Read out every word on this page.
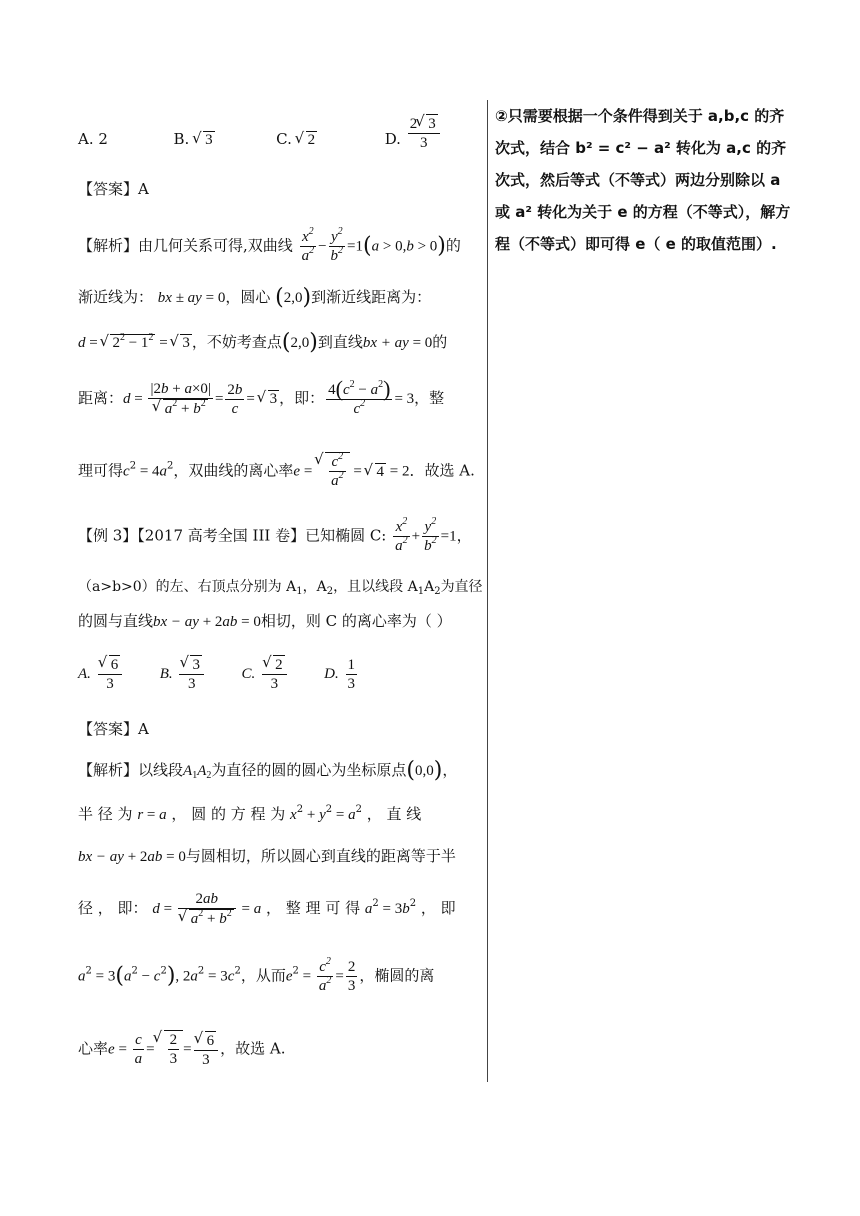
A. 2	B. √ 3	C. √ 2	D. $\frac{2 √ 3}{3}$
【答案】A
【解析】由几何关系可得,双曲线 $\frac{x^2}{a^2} - \frac{y^2}{b^2} =1(a > 0,b > 0)$的
渐近线为： bx ± ay = 0，圆心 (2,0)到渐近线距离为：
d = √ $2^2 - 1^2$ = √ 3 ，不妨考查点(2,0)到直线bx + ay = 0的
距离：d = |2b + a×0|
√ $a^2 + b^2 = \frac{2b}{c}$ = √ 3 ，即： $\frac{4(c^2 - a^2)}{c^2} = 3$，整
理可得$c^2 = 4a^2$，双曲线的离心率e = √ $\frac{c^2}{a^2}$ = √ 4 = 2．故选 A.
【例 3】【2017 高考全国 III 卷】已知椭圆 C: $\frac{x^2}{a^2} + \frac{y^2}{b^2} =1$，
（a>b>0）的左、右顶点分别为 $A_1$，$A_2$，且以线段 $A_1A_2$为直径
的圆与直线bx − ay + 2ab = 0相切，则 C 的离心率为（ ）
A. √ $\frac{6}{3}$	B. √ $\frac{3}{3}$	C. √ $\frac{2}{3}$	D. $\frac{1}{3}$
【答案】A
【解析】以线段$A_1A_2$为直径的圆的圆心为坐标原点(0,0)，
半 径 为 r = a ， 圆 的 方 程 为 $x^2 + y^2 = a^2$ ， 直 线
bx − ay + 2ab = 0与圆相切，所以圆心到直线的距离等于半
径 ， 即： d = 2ab
√ $a^2 + b^2 = a$ ， 整 理 可 得 $a^2 = 3b^2$ ， 即
$a^2 = 3(a^2 - c^2)$, $2a^2 = 3c^2$，从而$e^2 = \frac{c^2}{a^2} = \frac{2}{3}$ ，椭圆的离
心率$e = \frac{c}{a}$ = √ $\frac{2}{3}$ = √ $\frac{6}{3}$ ，故选 A.
②只需要根据一个条件得到关于 a,b,c 的齐次式，结合 b² = c² − a² 转化为 a,c 的齐次式，然后等式（不等式）两边分别除以 a 或 a² 转化为关于 e 的方程（不等式），解方程（不等式）即可得 e（ e 的取值范围）.
